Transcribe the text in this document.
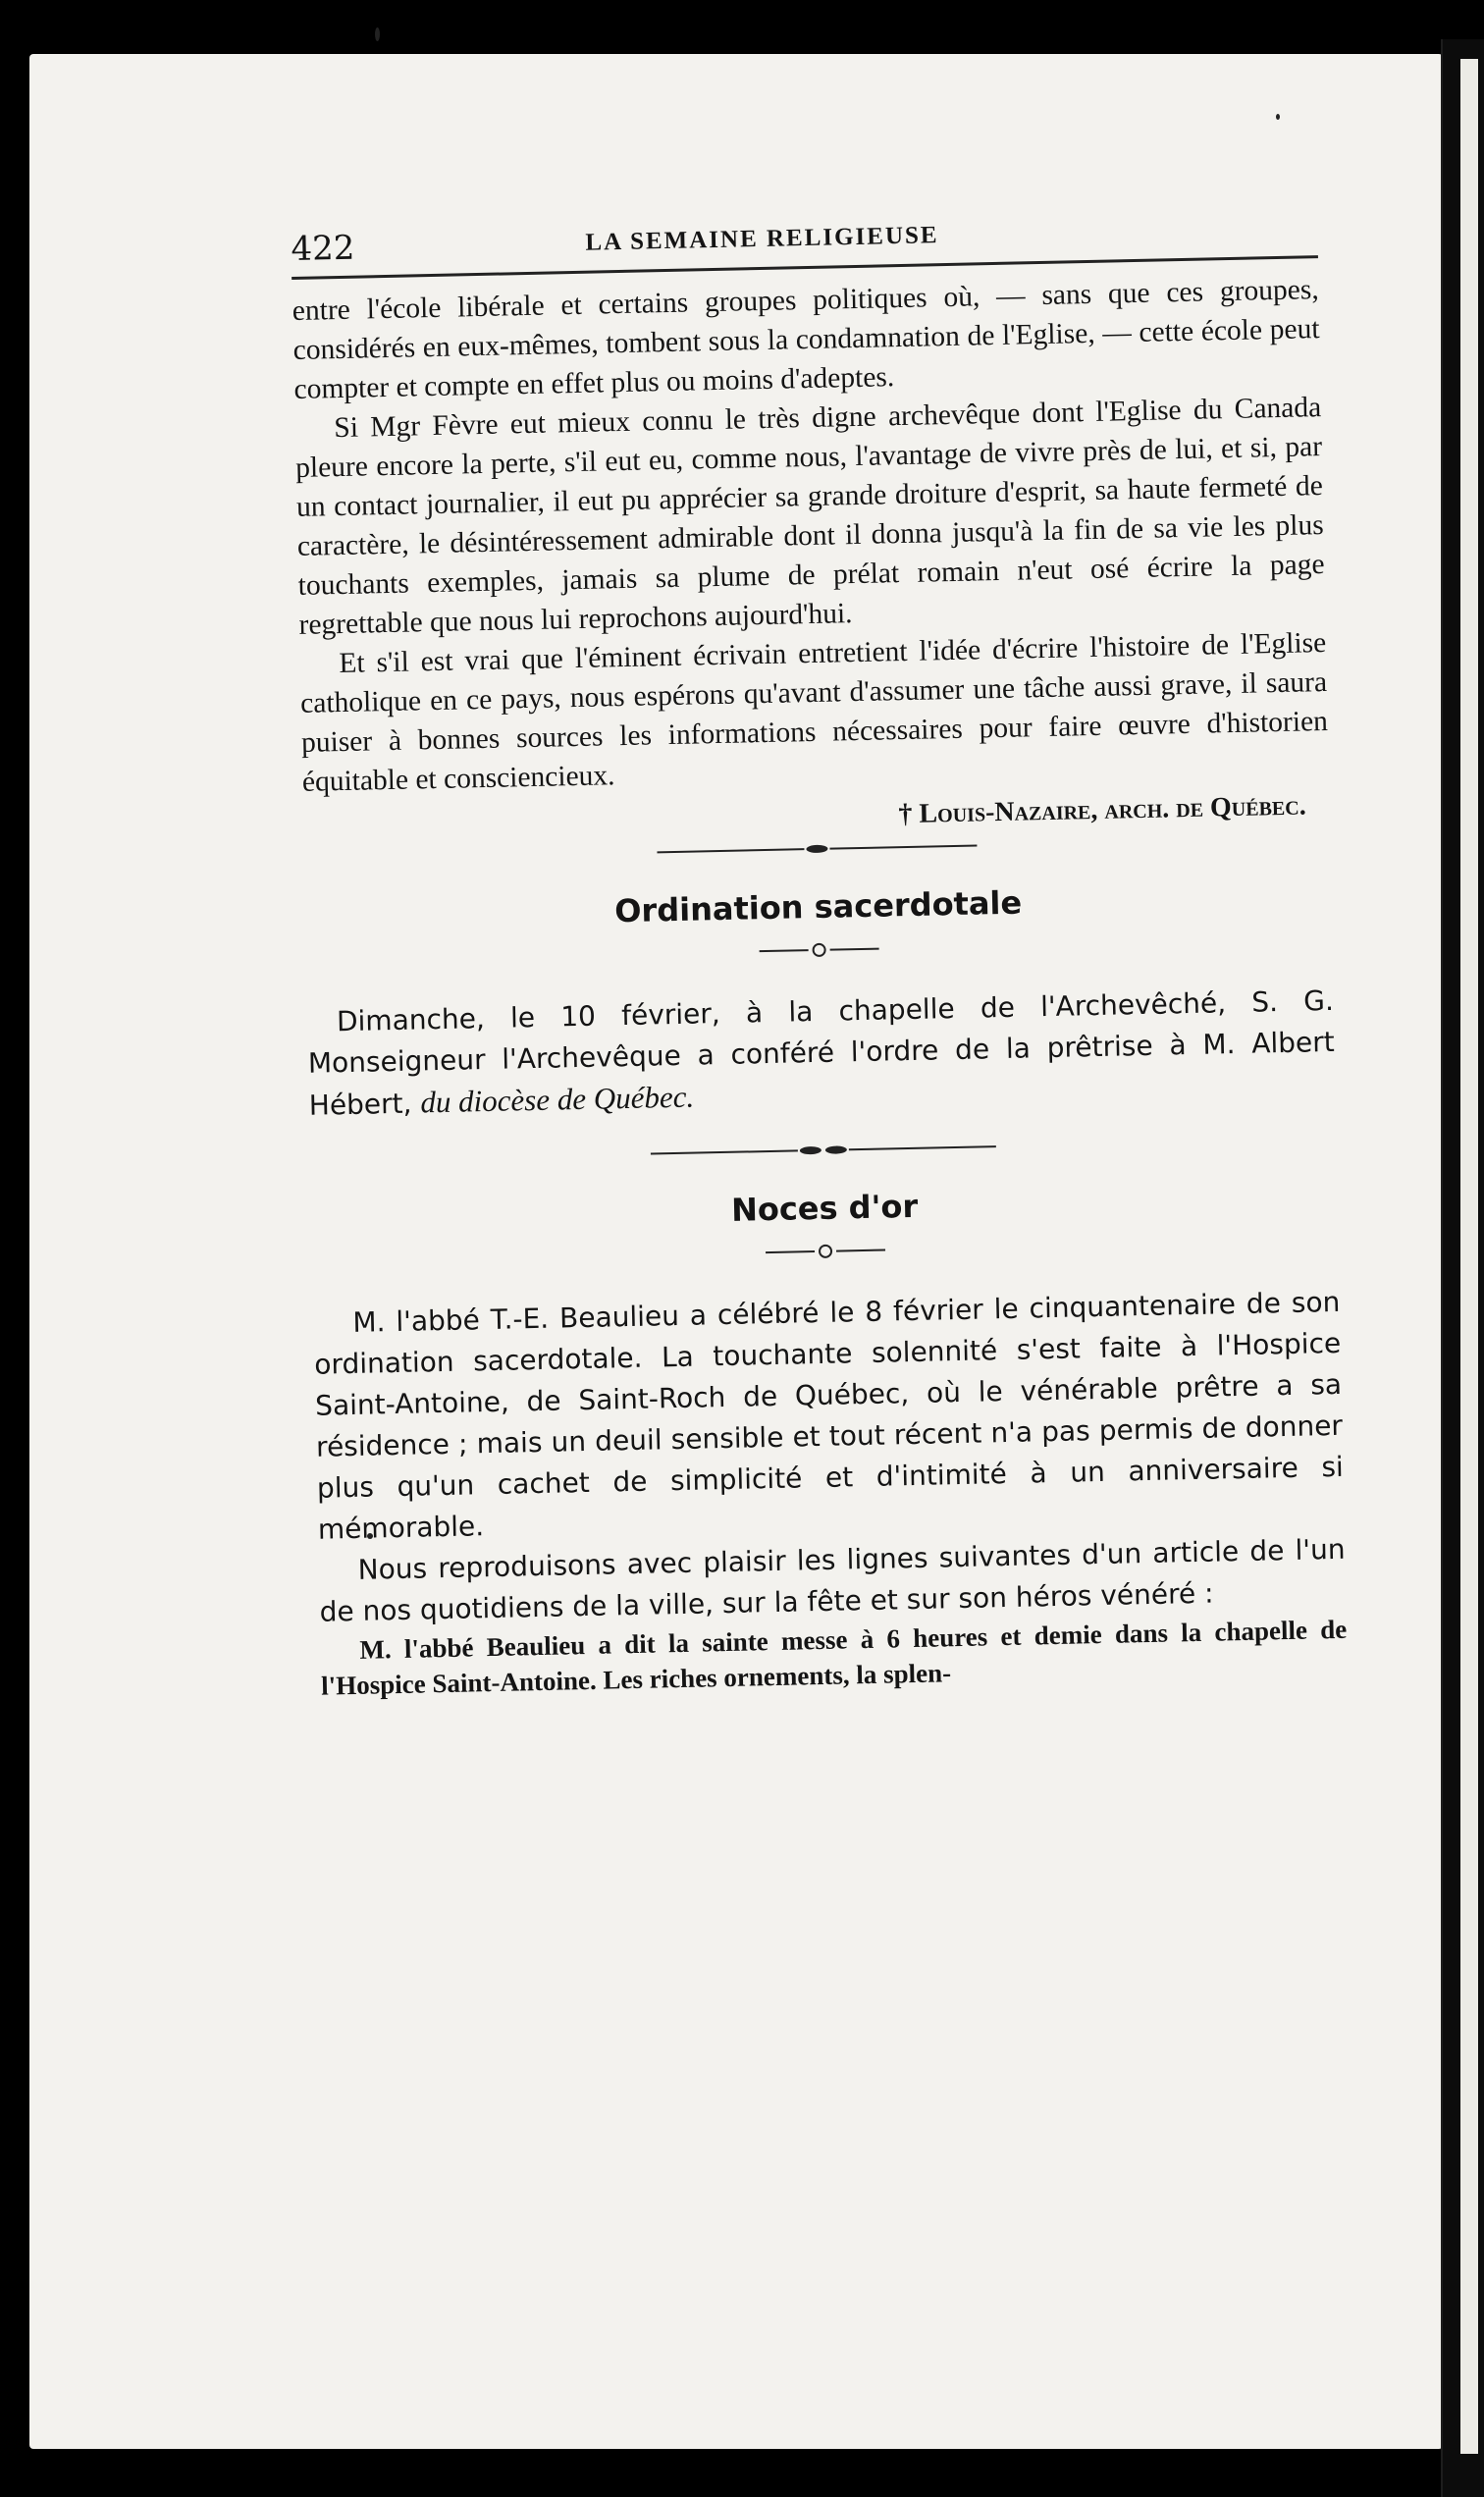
422	LA SEMAINE RELIGIEUSE

entre l'école libérale et certains groupes politiques où, — sans que ces groupes, considérés en eux-mêmes, tombent sous la condamnation de l'Eglise, — cette école peut compter et compte en effet plus ou moins d'adeptes.

Si Mgr Fèvre eut mieux connu le très digne archevêque dont l'Eglise du Canada pleure encore la perte, s'il eut eu, comme nous, l'avantage de vivre près de lui, et si, par un contact journalier, il eut pu apprécier sa grande droiture d'esprit, sa haute fermeté de caractère, le désintéressement admirable dont il donna jusqu'à la fin de sa vie les plus touchants exemples, jamais sa plume de prélat romain n'eut osé écrire la page regrettable que nous lui reprochons aujourd'hui.

Et s'il est vrai que l'éminent écrivain entretient l'idée d'écrire l'histoire de l'Eglise catholique en ce pays, nous espérons qu'avant d'assumer une tâche aussi grave, il saura puiser à bonnes sources les informations nécessaires pour faire œuvre d'historien équitable et consciencieux.

† Louis-Nazaire, arch. de Québec.
Ordination sacerdotale

Dimanche, le 10 février, à la chapelle de l'Archevêché, S. G. Monseigneur l'Archevêque a conféré l'ordre de la prêtrise à M. Albert Hébert, du diocèse de Québec.

Noces d'or

M. l'abbé T.-E. Beaulieu a célébré le 8 février le cinquantenaire de son ordination sacerdotale. La touchante solennité s'est faite à l'Hospice Saint-Antoine, de Saint-Roch de Québec, où le vénérable prêtre a sa résidence ; mais un deuil sensible et tout récent n'a pas permis de donner plus qu'un cachet de simplicité et d'intimité à un anniversaire si mémorable.

Nous reproduisons avec plaisir les lignes suivantes d'un article de l'un de nos quotidiens de la ville, sur la fête et sur son héros vénéré :

M. l'abbé Beaulieu a dit la sainte messe à 6 heures et demie dans la chapelle de l'Hospice Saint-Antoine. Les riches ornements, la splen-
